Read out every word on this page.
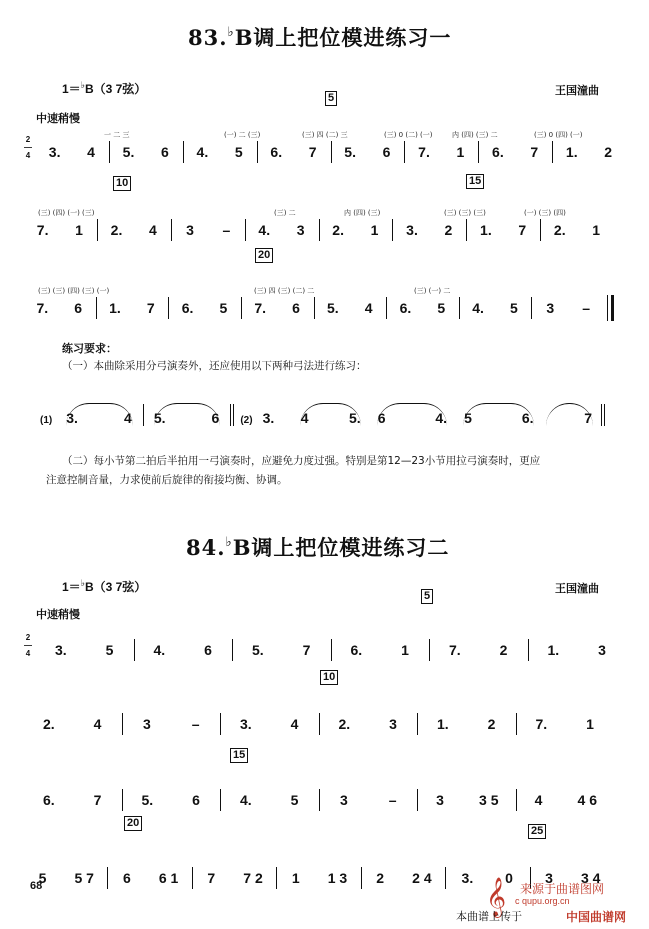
83.♭B调上把位模进练习一
1＝♭B（3 7弦）	王国潼曲
中速稍慢
5
2
—
4
一 二 三	(一) 二 (三)	(三) 四 (二) 三	(三) 0 (二) (一)	内 (四) (三) 二	(三) 0 (四) (一)
3. 4 5. 6 4. 5 6. 7 5. 6 7. 1 6. 7 1. 2
10	15
(三) (四) (一) (三)	(三) 二	内 (四) (三)	(三) (三) (三)	(一) (三) (四)
7. 1 2. 4 3 – 4. 3 2. 1 3. 2 1. 7 2. 1
20
(三) (三) (四) (三) (一)	(三) 四 (三) (二) 二	(三) (一) 二
7. 6 1. 7 6. 5 7. 6 5. 4 6. 5 4. 5 3 –
练习要求：
（一）本曲除采用分弓演奏外，还应使用以下两种弓法进行练习：
(1) 3.	4 5.	6 (2) 3. 4	5. 6	4. 5	6.	7
（二）每小节第二拍后半拍用一弓演奏时，应避免力度过强。特别是第12—23小节用拉弓演奏时，更应
注意控制音量，力求使前后旋律的衔接均衡、协调。
84.♭B调上把位模进练习二
1＝♭B（3 7弦）	王国潼曲
中速稍慢
5
2
—
4 3.	5	4.	6	5.	7	6.	1	7.	2	1.	3
10
2.	4	3	–	3.	4	2.	3	1.	2	7.	1
15
6.	7	5.	6	4.	5	3	–	3	3 5	4	4 6
20
25
5 5 7 6 6 1 7 7 2 1 1 3 2 2 4 3. 0 3 3 4
68	𝄞 来源于曲谱图网
c qupu.org.cn
本曲谱上传于	中国曲谱网
